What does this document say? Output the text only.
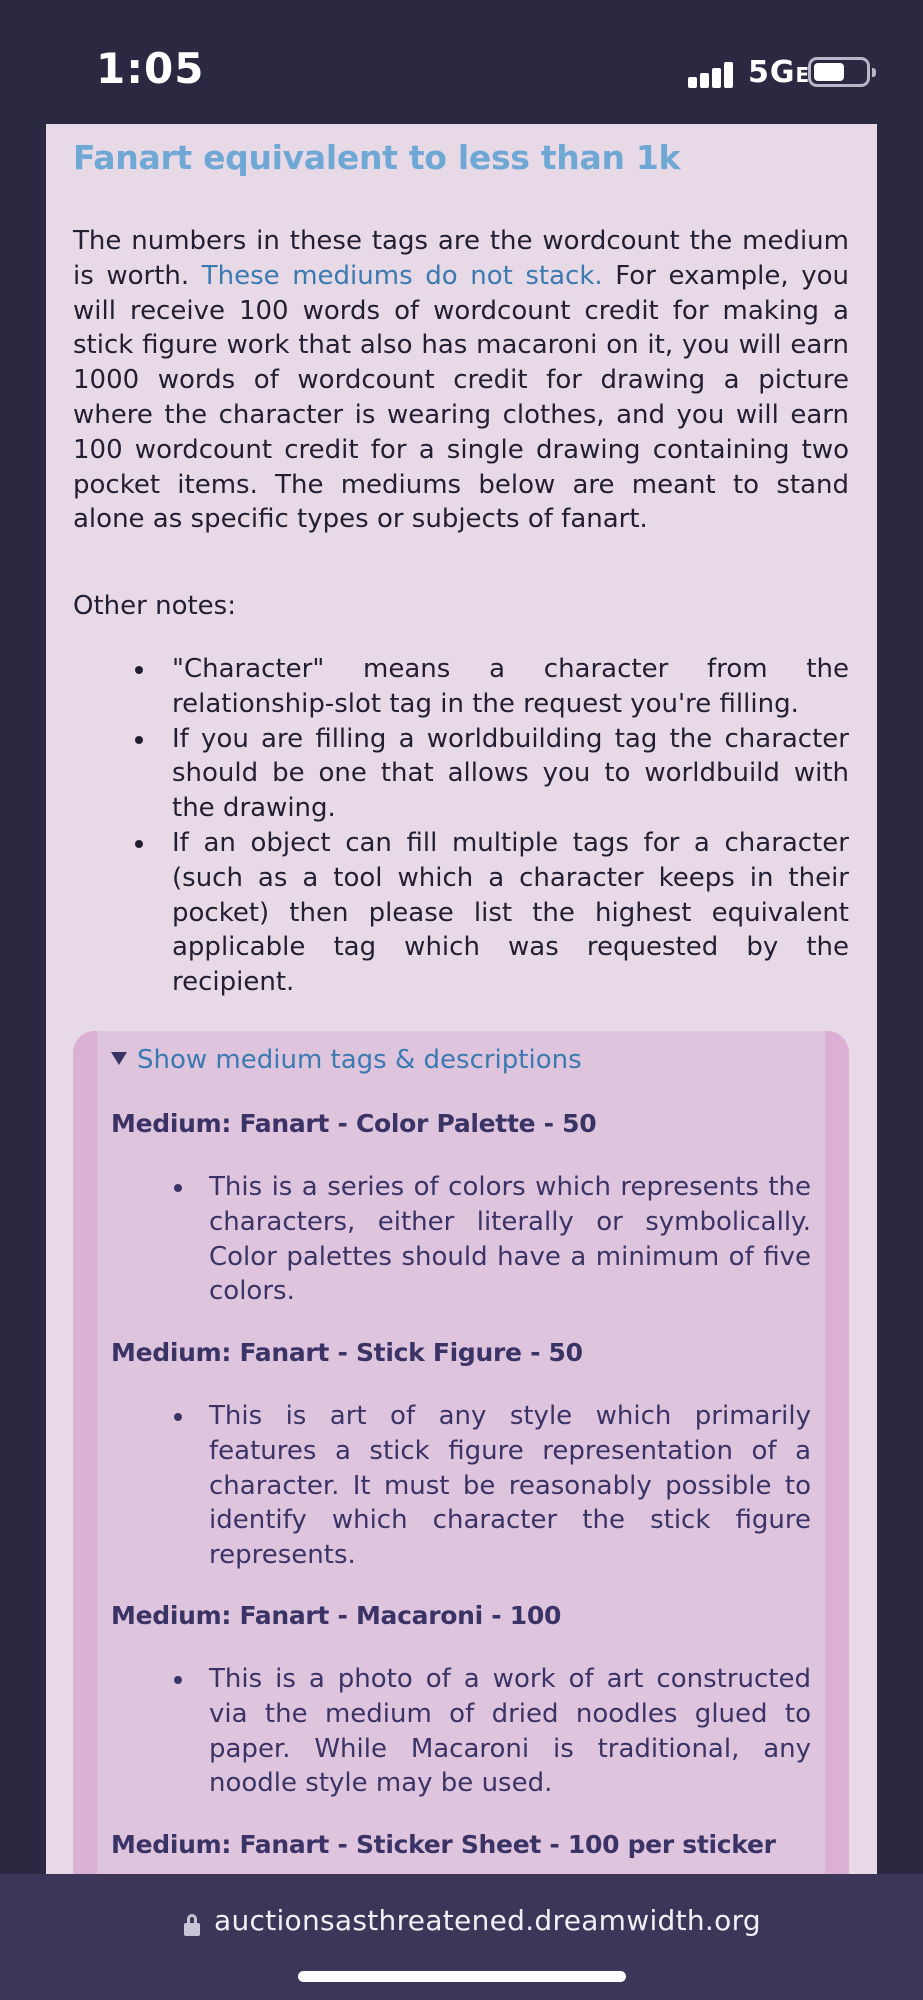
1:05	5GE
Fanart equivalent to less than 1k

The numbers in these tags are the wordcount the medium is worth. These mediums do not stack. For example, you will receive 100 words of wordcount credit for making a stick figure work that also has macaroni on it, you will earn 1000 words of wordcount credit for drawing a picture where the character is wearing clothes, and you will earn 100 wordcount credit for a single drawing containing two pocket items. The mediums below are meant to stand alone as specific types or subjects of fanart.

Other notes:

"Character" means a character from the relationship-slot tag in the request you're filling.
If you are filling a worldbuilding tag the character should be one that allows you to worldbuild with the drawing.
If an object can fill multiple tags for a character (such as a tool which a character keeps in their pocket) then please list the highest equivalent applicable tag which was requested by the recipient.
Show medium tags & descriptions
Medium: Fanart - Color Palette - 50
This is a series of colors which represents the characters, either literally or symbolically. Color palettes should have a minimum of five colors.
Medium: Fanart - Stick Figure - 50
This is art of any style which primarily features a stick figure representation of a character. It must be reasonably possible to identify which character the stick figure represents.
Medium: Fanart - Macaroni - 100
This is a photo of a work of art constructed via the medium of dried noodles glued to paper. While Macaroni is traditional, any noodle style may be used.
Medium: Fanart - Sticker Sheet - 100 per sticker
auctionsasthreatened.dreamwidth.org
